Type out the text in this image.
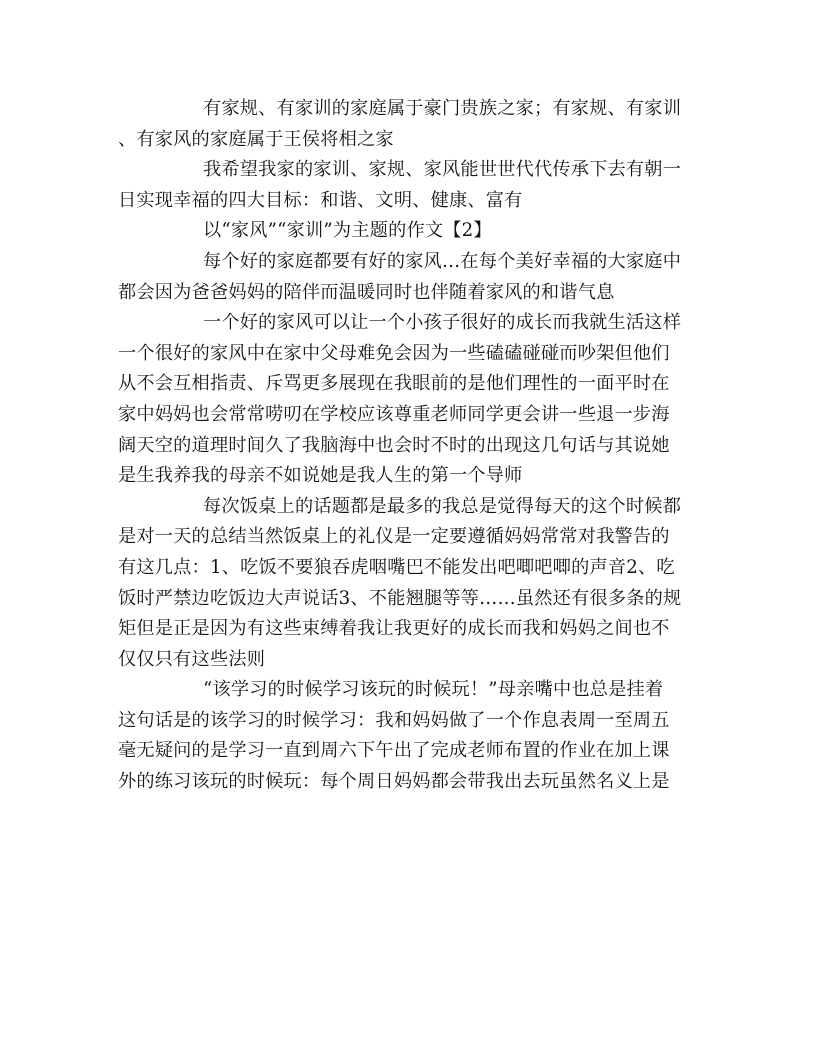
有家规、有家训的家庭属于豪门贵族之家；有家规、有家训
、有家风的家庭属于王侯将相之家
我希望我家的家训、家规、家风能世世代代传承下去有朝一
日实现幸福的四大目标：和谐、文明、健康、富有
以“家风”“家训”为主题的作文【2】
每个好的家庭都要有好的家风…在每个美好幸福的大家庭中
都会因为爸爸妈妈的陪伴而温暖同时也伴随着家风的和谐气息
一个好的家风可以让一个小孩子很好的成长而我就生活这样
一个很好的家风中在家中父母难免会因为一些磕磕碰碰而吵架但他们
从不会互相指责、斥骂更多展现在我眼前的是他们理性的一面平时在
家中妈妈也会常常唠叨在学校应该尊重老师同学更会讲一些退一步海
阔天空的道理时间久了我脑海中也会时不时的出现这几句话与其说她
是生我养我的母亲不如说她是我人生的第一个导师
每次饭桌上的话题都是最多的我总是觉得每天的这个时候都
是对一天的总结当然饭桌上的礼仪是一定要遵循妈妈常常对我警告的
有这几点：1、吃饭不要狼吞虎咽嘴巴不能发出吧唧吧唧的声音2、吃
饭时严禁边吃饭边大声说话3、不能翘腿等等……虽然还有很多条的规
矩但是正是因为有这些束缚着我让我更好的成长而我和妈妈之间也不
仅仅只有这些法则
“该学习的时候学习该玩的时候玩！”母亲嘴中也总是挂着
这句话是的该学习的时候学习：我和妈妈做了一个作息表周一至周五
毫无疑问的是学习一直到周六下午出了完成老师布置的作业在加上课
外的练习该玩的时候玩：每个周日妈妈都会带我出去玩虽然名义上是
